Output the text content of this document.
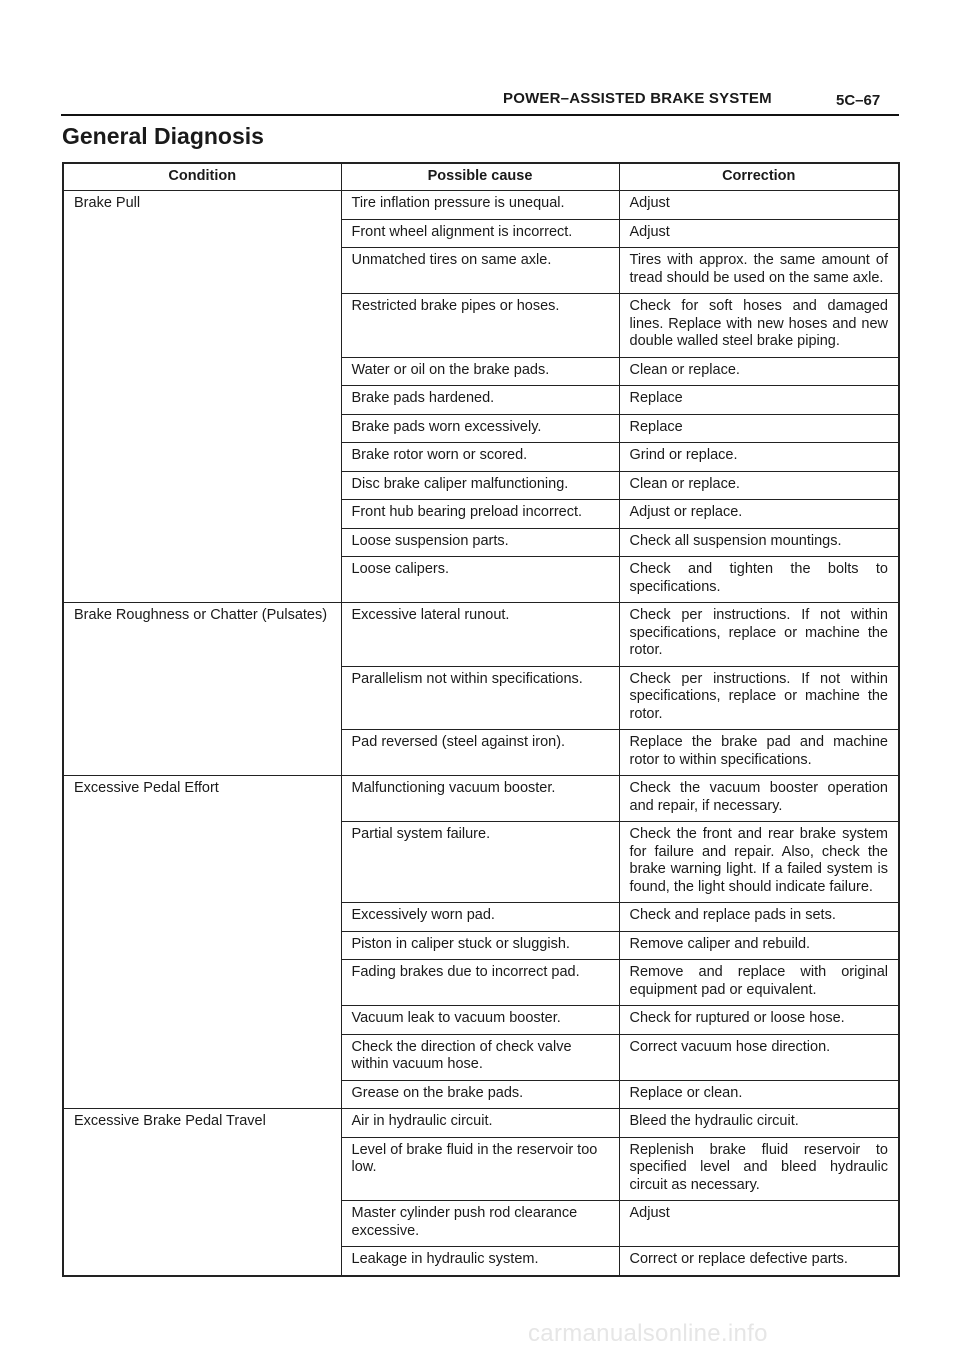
POWER–ASSISTED BRAKE SYSTEM	5C–67
General Diagnosis
Condition	Possible cause	Correction
Brake Pull	Tire inflation pressure is unequal.	Adjust
	Front wheel alignment is incorrect.	Adjust
	Unmatched tires on same axle.	Tires with approx. the same amount of tread should be used on the same axle.
	Restricted brake pipes or hoses.	Check for soft hoses and damaged lines. Replace with new hoses and new double walled steel brake piping.
	Water or oil on the brake pads.	Clean or replace.
	Brake pads hardened.	Replace
	Brake pads worn excessively.	Replace
	Brake rotor worn or scored.	Grind or replace.
	Disc brake caliper malfunctioning.	Clean or replace.
	Front hub bearing preload incorrect.	Adjust or replace.
	Loose suspension parts.	Check all suspension mountings.
	Loose calipers.	Check and tighten the bolts to specifications.
Brake Roughness or Chatter (Pulsates)	Excessive lateral runout.	Check per instructions. If not within specifications, replace or machine the rotor.
	Parallelism not within specifications.	Check per instructions. If not within specifications, replace or machine the rotor.
	Pad reversed (steel against iron).	Replace the brake pad and machine rotor to within specifications.
Excessive Pedal Effort	Malfunctioning vacuum booster.	Check the vacuum booster operation and repair, if necessary.
	Partial system failure.	Check the front and rear brake system for failure and repair. Also, check the brake warning light. If a failed system is found, the light should indicate failure.
	Excessively worn pad.	Check and replace pads in sets.
	Piston in caliper stuck or sluggish.	Remove caliper and rebuild.
	Fading brakes due to incorrect pad.	Remove and replace with original equipment pad or equivalent.
	Vacuum leak to vacuum booster.	Check for ruptured or loose hose.
	Check the direction of check valve within vacuum hose.	Correct vacuum hose direction.
	Grease on the brake pads.	Replace or clean.
Excessive Brake Pedal Travel	Air in hydraulic circuit.	Bleed the hydraulic circuit.
	Level of brake fluid in the reservoir too low.	Replenish brake fluid reservoir to specified level and bleed hydraulic circuit as necessary.
	Master cylinder push rod clearance excessive.	Adjust
	Leakage in hydraulic system.	Correct or replace defective parts.
carmanualsonline.info
